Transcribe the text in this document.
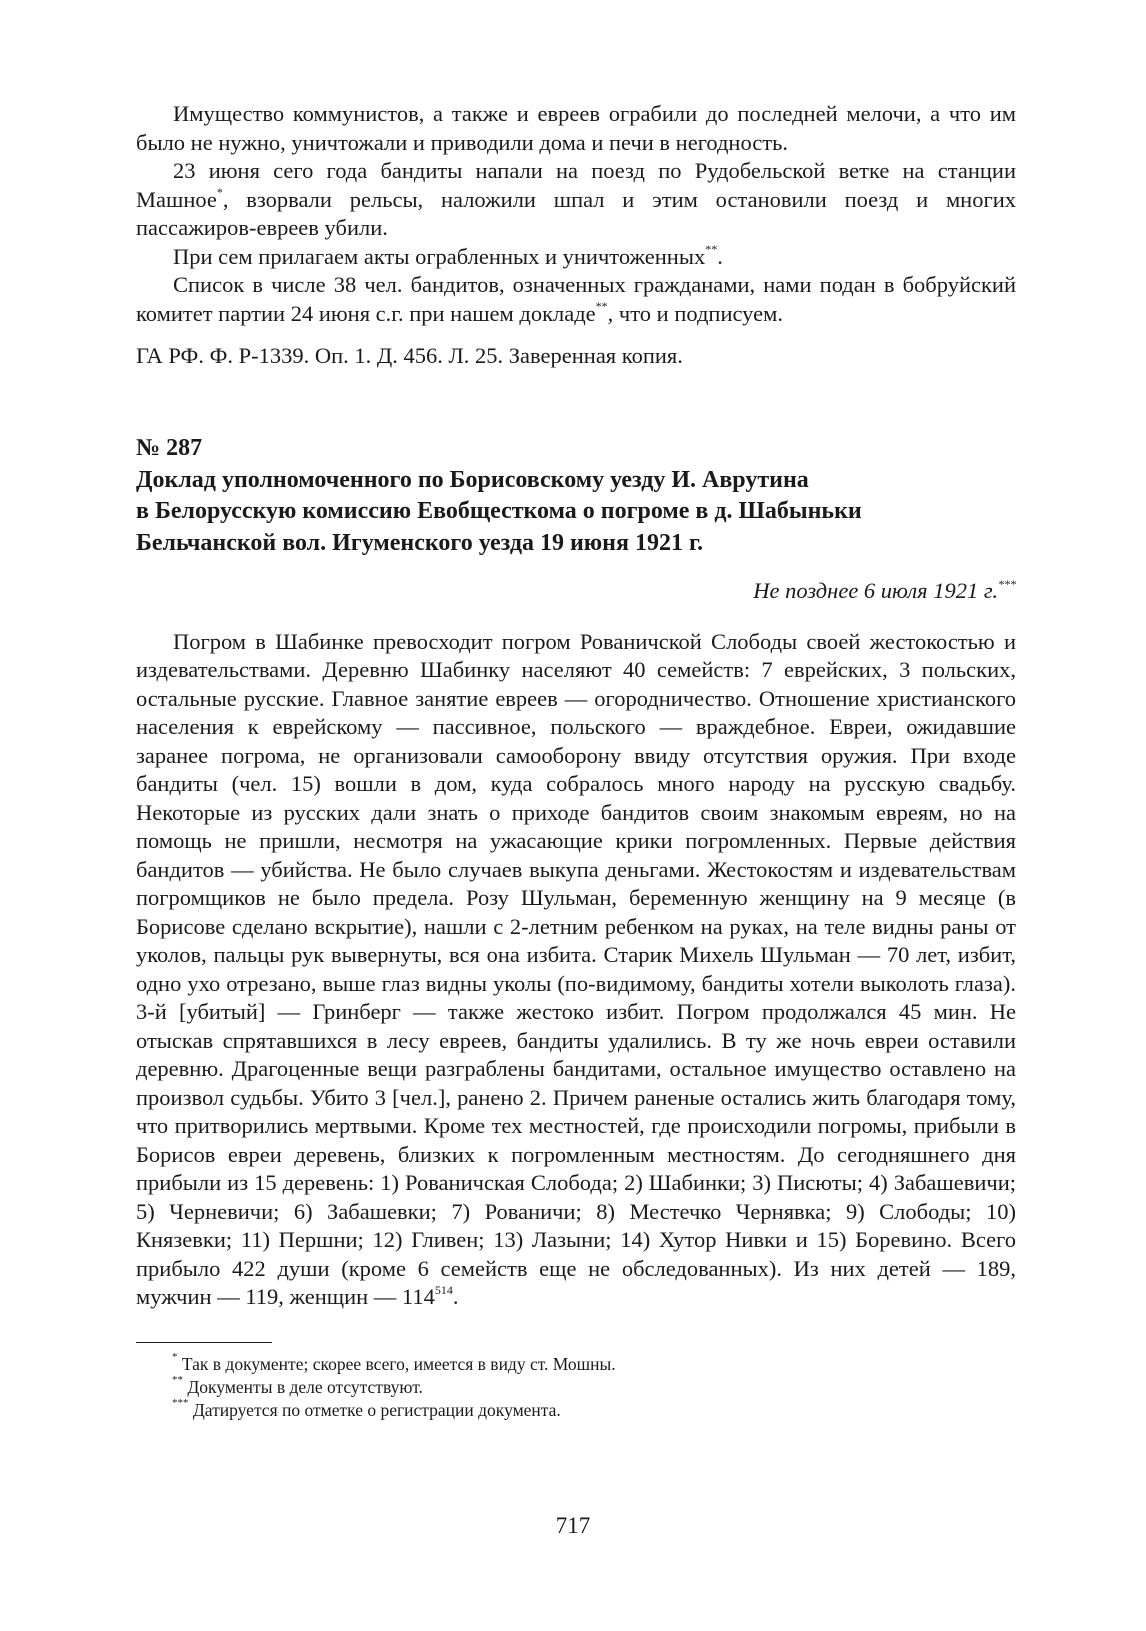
Имущество коммунистов, а также и евреев ограбили до последней мелочи, а что им было не нужно, уничтожали и приводили дома и печи в негодность.

23 июня сего года бандиты напали на поезд по Рудобельской ветке на станции Машное*, взорвали рельсы, наложили шпал и этим остановили поезд и многих пассажиров-евреев убили.

При сем прилагаем акты ограбленных и уничтоженных**.

Список в числе 38 чел. бандитов, означенных гражданами, нами подан в бобруйский комитет партии 24 июня с.г. при нашем докладе**, что и подписуем.

ГА РФ. Ф. Р-1339. Оп. 1. Д. 456. Л. 25. Заверенная копия.

№ 287

Доклад уполномоченного по Борисовскому уезду И. Аврутина
в Белорусскую комиссию Евобщесткома о погроме в д. Шабыньки
Бельчанской вол. Игуменского уезда 19 июня 1921 г.

Не позднее 6 июля 1921 г.***

Погром в Шабинке превосходит погром Рованичской Слободы своей жестокостью и издевательствами. Деревню Шабинку населяют 40 семейств: 7 еврейских, 3 польских, остальные русские. Главное занятие евреев — огородничество. Отношение христианского населения к еврейскому — пассивное, польского — враждебное. Евреи, ожидавшие заранее погрома, не организовали самооборону ввиду отсутствия оружия. При входе бандиты (чел. 15) вошли в дом, куда собралось много народу на русскую свадьбу. Некоторые из русских дали знать о приходе бандитов своим знакомым евреям, но на помощь не пришли, несмотря на ужасающие крики погромленных. Первые действия бандитов — убийства. Не было случаев выкупа деньгами. Жестокостям и издевательствам погромщиков не было предела. Розу Шульман, беременную женщину на 9 месяце (в Борисове сделано вскрытие), нашли с 2-летним ребенком на руках, на теле видны раны от уколов, пальцы рук вывернуты, вся она избита. Старик Михель Шульман — 70 лет, избит, одно ухо отрезано, выше глаз видны уколы (по-видимому, бандиты хотели выколоть глаза). 3-й [убитый] — Гринберг — также жестоко избит. Погром продолжался 45 мин. Не отыскав спрятавшихся в лесу евреев, бандиты удалились. В ту же ночь евреи оставили деревню. Драгоценные вещи разграблены бандитами, остальное имущество оставлено на произвол судьбы. Убито 3 [чел.], ранено 2. Причем раненые остались жить благодаря тому, что притворились мертвыми. Кроме тех местностей, где происходили погромы, прибыли в Борисов евреи деревень, близких к погромленным местностям. До сегодняшнего дня прибыли из 15 деревень: 1) Рованичская Слобода; 2) Шабинки; 3) Писюты; 4) Забашевичи; 5) Черневичи; 6) Забашевки; 7) Рованичи; 8) Местечко Чернявка; 9) Слободы; 10) Князевки; 11) Першни; 12) Гливен; 13) Лазыни; 14) Хутор Нивки и 15) Боревино. Всего прибыло 422 души (кроме 6 семейств еще не обследованных). Из них детей — 189, мужчин — 119, женщин — $114^{514}$.

* Так в документе; скорее всего, имеется в виду ст. Мошны.

** Документы в деле отсутствуют.

*** Датируется по отметке о регистрации документа.

717
